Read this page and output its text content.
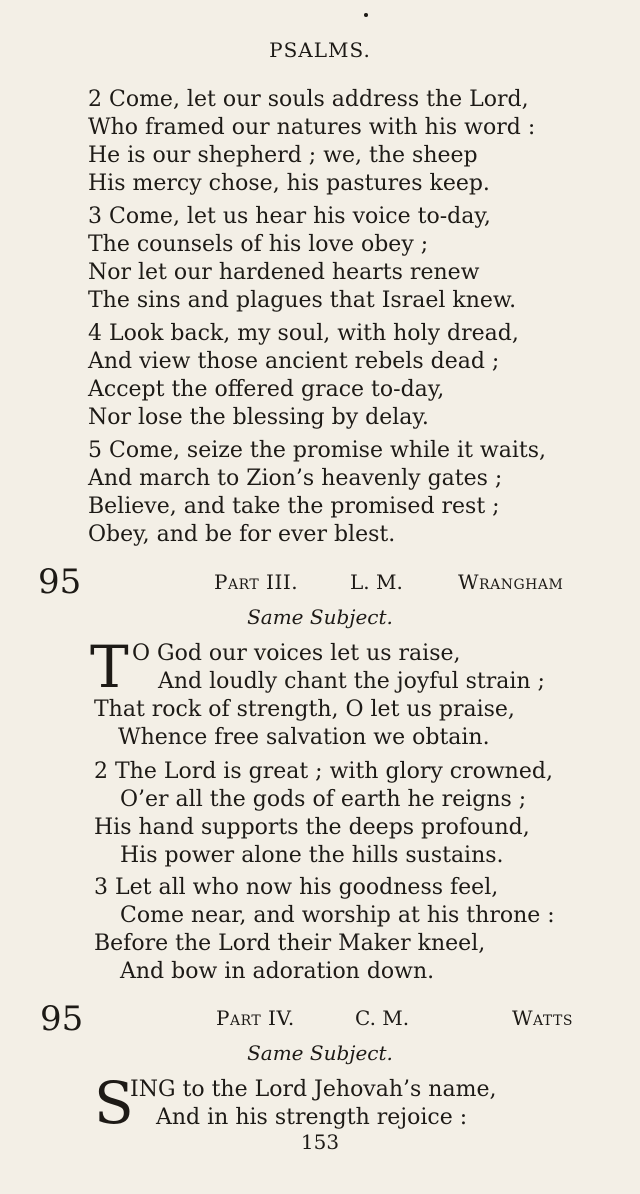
PSALMS.
2 Come, let our souls address the Lord,
Who framed our natures with his word :
He is our shepherd ; we, the sheep
His mercy chose, his pastures keep.
3 Come, let us hear his voice to-day,
The counsels of his love obey ;
Nor let our hardened hearts renew
The sins and plagues that Israel knew.
4 Look back, my soul, with holy dread,
And view those ancient rebels dead ;
Accept the offered grace to-day,
Nor lose the blessing by delay.
5 Come, seize the promise while it waits,
And march to Zion’s heavenly gates ;
Believe, and take the promised rest ;
Obey, and be for ever blest.
95	Part III.	L. M.	Wrangham
Same Subject.
T O God our voices let us raise,
And loudly chant the joyful strain ;
That rock of strength, O let us praise,
Whence free salvation we obtain.
2 The Lord is great ; with glory crowned,
O’er all the gods of earth he reigns ;
His hand supports the deeps profound,
His power alone the hills sustains.
3 Let all who now his goodness feel,
Come near, and worship at his throne :
Before the Lord their Maker kneel,
And bow in adoration down.
95	Part IV.	C. M.	Watts
Same Subject.
S
ING to the Lord Jehovah’s name,
And in his strength rejoice :
153
